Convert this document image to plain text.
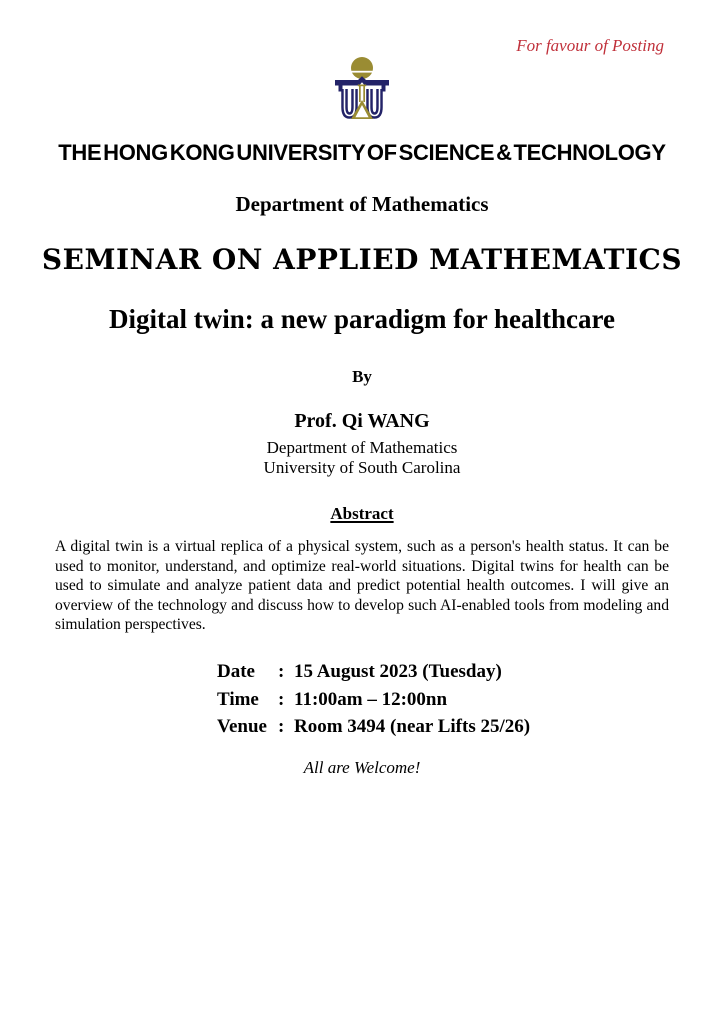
For favour of Posting
THE HONG KONG UNIVERSITY OF SCIENCE & TECHNOLOGY
Department of Mathematics
SEMINAR ON APPLIED MATHEMATICS
Digital twin: a new paradigm for healthcare
By
Prof. Qi WANG
Department of Mathematics
University of South Carolina
Abstract

A digital twin is a virtual replica of a physical system, such as a person's health status. It can be used to monitor, understand, and optimize real-world situations. Digital twins for health can be used to simulate and analyze patient data and predict potential health outcomes. I will give an overview of the technology and discuss how to develop such AI-enabled tools from modeling and simulation perspectives.

Date	: 15 August 2023 (Tuesday)
Time	: 11:00am – 12:00nn
Venue : Room 3494 (near Lifts 25/26)
All are Welcome!
